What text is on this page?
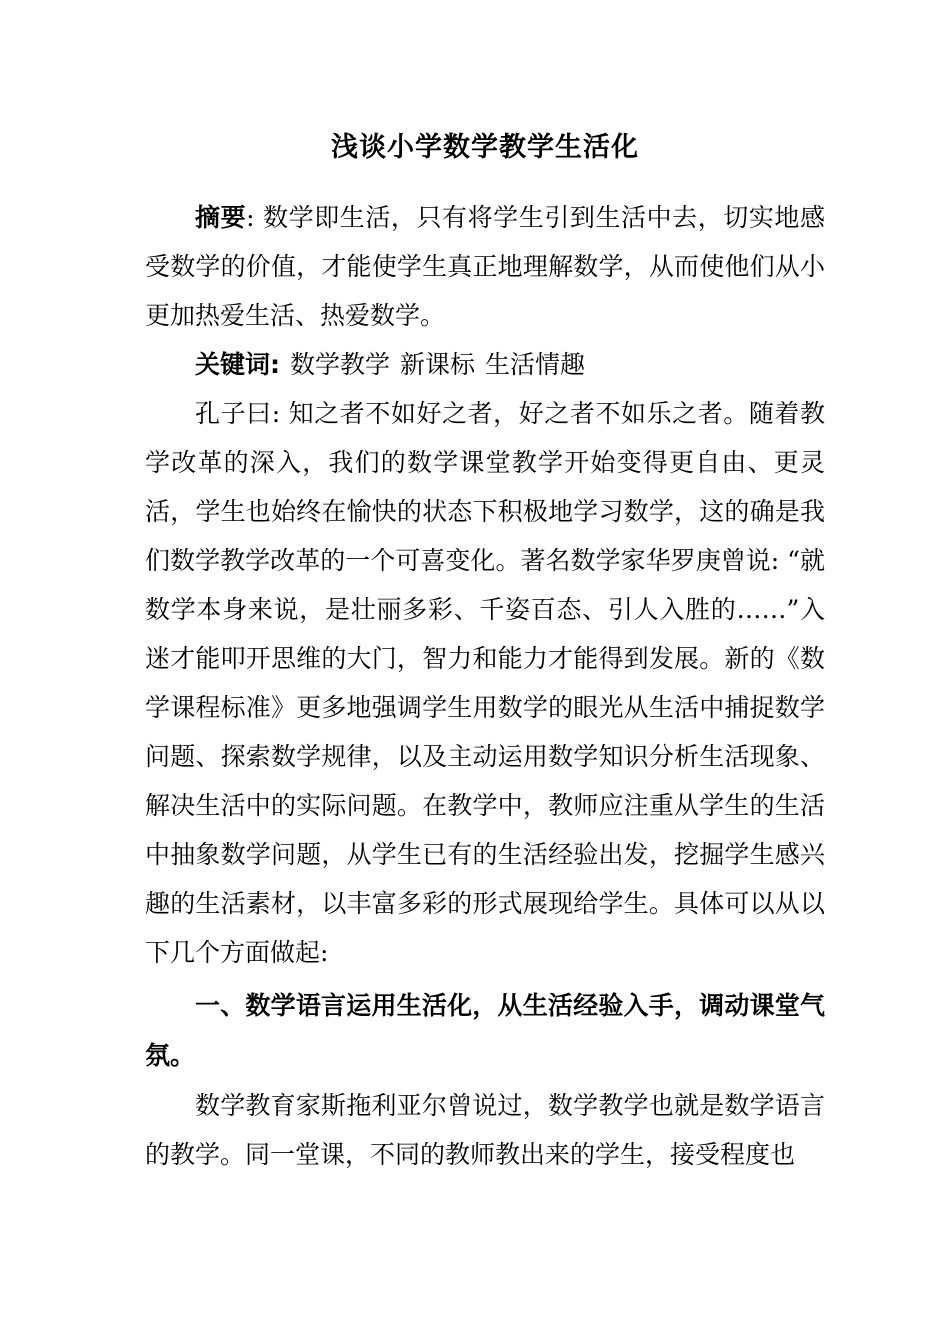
浅谈小学数学教学生活化

摘要: 数学即生活，只有将学生引到生活中去，切实地感受数学的价值，才能使学生真正地理解数学，从而使他们从小更加热爱生活、热爱数学。

关键词: 数学教学 新课标 生活情趣

孔子曰: 知之者不如好之者，好之者不如乐之者。随着教学改革的深入，我们的数学课堂教学开始变得更自由、更灵活，学生也始终在愉快的状态下积极地学习数学，这的确是我们数学教学改革的一个可喜变化。著名数学家华罗庚曾说: “就数学本身来说，是壮丽多彩、千姿百态、引人入胜的……”入迷才能叩开思维的大门，智力和能力才能得到发展。新的《数学课程标准》更多地强调学生用数学的眼光从生活中捕捉数学问题、探索数学规律，以及主动运用数学知识分析生活现象、解决生活中的实际问题。在教学中，教师应注重从学生的生活中抽象数学问题，从学生已有的生活经验出发，挖掘学生感兴趣的生活素材，以丰富多彩的形式展现给学生。具体可以从以下几个方面做起:

一、数学语言运用生活化，从生活经验入手，调动课堂气氛。

数学教育家斯拖利亚尔曾说过，数学教学也就是数学语言的教学。同一堂课，不同的教师教出来的学生，接受程度也
